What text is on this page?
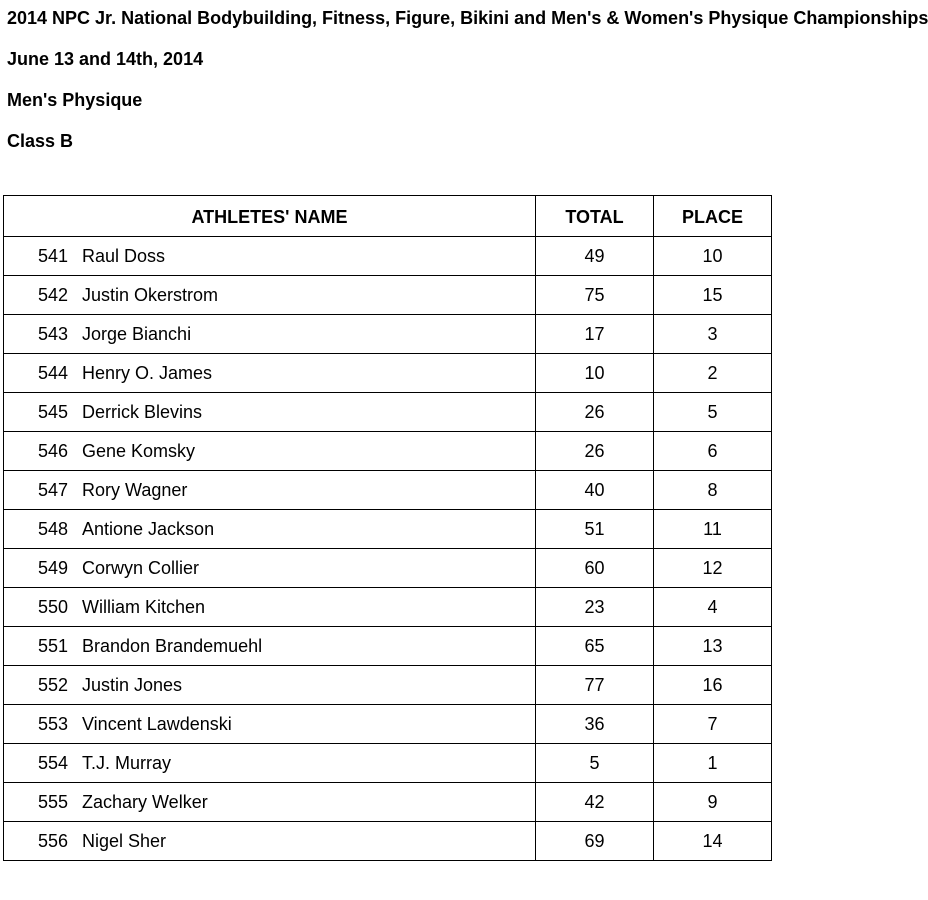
2014 NPC Jr. National Bodybuilding, Fitness, Figure, Bikini and Men's & Women's Physique Championships
June 13 and 14th, 2014
Men's Physique
Class B
ATHLETES' NAME	TOTAL	PLACE
541 Raul Doss	49	10
542 Justin Okerstrom	75	15
543 Jorge Bianchi	17	3
544 Henry O. James	10	2
545 Derrick Blevins	26	5
546 Gene Komsky	26	6
547 Rory Wagner	40	8
548 Antione Jackson	51	11
549 Corwyn Collier	60	12
550 William Kitchen	23	4
551 Brandon Brandemuehl	65	13
552 Justin Jones	77	16
553 Vincent Lawdenski	36	7
554 T.J. Murray	5	1
555 Zachary Welker	42	9
556 Nigel Sher	69	14
